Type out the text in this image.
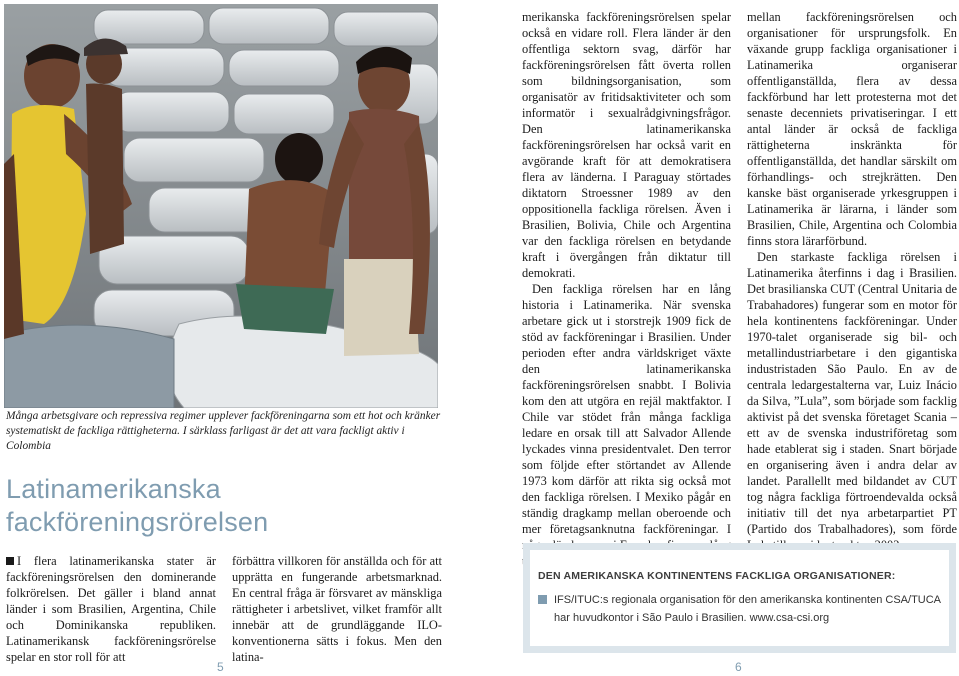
Många arbetsgivare och repressiva regimer upplever fackföreningarna som ett hot och kränker systematiskt de fackliga rättigheterna. I särklass farligast är det att vara fackligt aktiv i Colombia
Latinamerikanska
fackföreningsrörelsen

I flera latinamerikanska stater är fackföreningsrörelsen den dominerande folkrörelsen. Det gäller i bland annat länder i som Brasilien, Argentina, Chile och Dominikanska republiken. Latinamerikansk fackföreningsrörelse spelar en stor roll för att

förbättra villkoren för anställda och för att upprätta en fungerande arbetsmarknad. En central fråga är försvaret av mänskliga rättigheter i arbetslivet, vilket framför allt innebär att de grundläggande ILO-konventionerna sätts i fokus. Men den latina-

5

merikanska fackföreningsrörelsen spelar också en vidare roll. Flera länder är den offentliga sektorn svag, därför har fackföreningsrörelsen fått överta rollen som bildningsorganisation, som organisatör av fritidsaktiviteter och som informatör i sexualrådgivningsfrågor. Den latinamerikanska fackföreningsrörelsen har också varit en avgörande kraft för att demokratisera flera av länderna. I Paraguay störtades diktatorn Stroessner 1989 av den oppositionella fackliga rörelsen. Även i Brasilien, Bolivia, Chile och Argentina var den fackliga rörelsen en betydande kraft i övergången från diktatur till demokrati.

Den fackliga rörelsen har en lång historia i Latinamerika. När svenska arbetare gick ut i storstrejk 1909 fick de stöd av fackföreningar i Brasilien. Under perioden efter andra världskriget växte den latinamerikanska fackföreningsrörelsen snabbt. I Bolivia kom den att utgöra en rejäl maktfaktor. I Chile var stödet från många fackliga ledare en orsak till att Salvador Allende lyckades vinna presidentvalet. Den terror som följde efter störtandet av Allende 1973 kom därför att rikta sig också mot den fackliga rörelsen. I Mexiko pågår en ständig dragkamp mellan oberoende och mer företagsanknutna fackföreningar. I

mellan fackföreningsrörelsen och organisationer för ursprungsfolk. En växande grupp fackliga organisationer i Latinamerika organiserar offentliganställda, flera av dessa fackförbund har lett protesterna mot det senaste decenniets privatiseringar. I ett antal länder är också de fackliga rättigheterna inskränkta för offentliganställda, det handlar särskilt om förhandlings- och strejkrätten. Den kanske bäst organiserade yrkesgruppen i Latinamerika är lärarna, i länder som Brasilien, Chile, Argentina och Colombia finns stora lärarförbund.

Den starkaste fackliga rörelsen i Latinamerika återfinns i dag i Brasilien. Det brasilianska CUT (Central Unitaria de Trabahadores) fungerar som en motor för hela kontinentens fackföreningar. Under 1970-talet organiserade sig bil- och metallindustriarbetare i den gigantiska industristaden São Paulo. En av de centrala ledargestalterna var, Luiz Inácio da Silva, ”Lula”, som började som facklig aktivist på det svenska företaget Scania – ett av de svenska industriföretag som hade etablerat sig i staden. Snart började en organisering även i andra delar av landet. Parallellt med bildandet av CUT tog några fackliga förtroendevalda också initiativ till det nya arbetarpartiet PT (Partido dos Trabalhadores), som förde

DEN AMERIKANSKA KONTINENTENS FACKLIGA ORGANISATIONER:
IFS/ITUC:s regionala organisation för den amerikanska kontinenten CSA/TUCA
har huvudkontor i São Paulo i Brasilien. www.csa-csi.org
6
